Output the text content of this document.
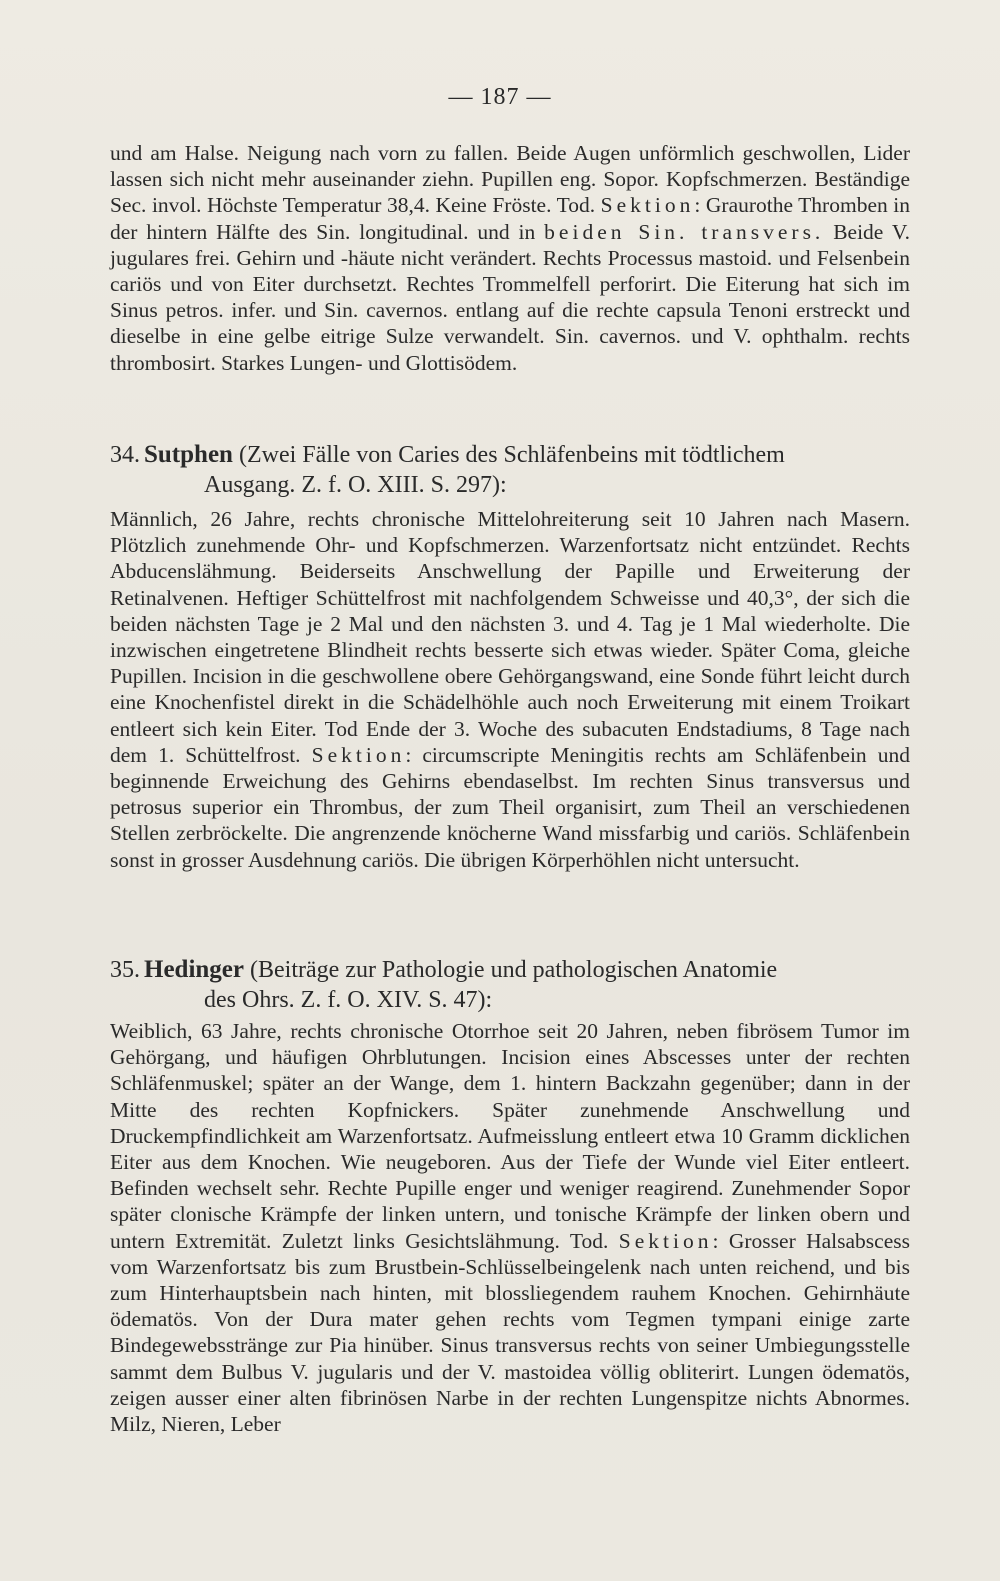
— 187 —

und am Halse. Neigung nach vorn zu fallen. Beide Augen unförmlich geschwollen, Lider lassen sich nicht mehr auseinander ziehn. Pupillen eng. Sopor. Kopfschmerzen. Beständige Sec. invol. Höchste Temperatur 38,4. Keine Fröste. Tod. Sektion: Graurothe Thromben in der hintern Hälfte des Sin. longitudinal. und in beiden Sin. transvers. Beide V. jugulares frei. Gehirn und -häute nicht verändert. Rechts Processus mastoid. und Felsenbein cariös und von Eiter durchsetzt. Rechtes Trommelfell perforirt. Die Eiterung hat sich im Sinus petros. infer. und Sin. cavernos. entlang auf die rechte capsula Tenoni erstreckt und dieselbe in eine gelbe eitrige Sulze verwandelt. Sin. cavernos. und V. ophthalm. rechts thrombosirt. Starkes Lungen- und Glottisödem.

34. Sutphen (Zwei Fälle von Caries des Schläfenbeins mit tödtlichem
Ausgang. Z. f. O. XIII. S. 297):

Männlich, 26 Jahre, rechts chronische Mittelohreiterung seit 10 Jahren nach Masern. Plötzlich zunehmende Ohr- und Kopfschmerzen. Warzenfortsatz nicht entzündet. Rechts Abducenslähmung. Beiderseits Anschwellung der Papille und Erweiterung der Retinalvenen. Heftiger Schüttelfrost mit nachfolgendem Schweisse und 40,3°, der sich die beiden nächsten Tage je 2 Mal und den nächsten 3. und 4. Tag je 1 Mal wiederholte. Die inzwischen eingetretene Blindheit rechts besserte sich etwas wieder. Später Coma, gleiche Pupillen. Incision in die geschwollene obere Gehörgangswand, eine Sonde führt leicht durch eine Knochenfistel direkt in die Schädelhöhle auch noch Erweiterung mit einem Troikart entleert sich kein Eiter. Tod Ende der 3. Woche des subacuten Endstadiums, 8 Tage nach dem 1. Schüttelfrost. Sektion: circumscripte Meningitis rechts am Schläfenbein und beginnende Erweichung des Gehirns ebendaselbst. Im rechten Sinus transversus und petrosus superior ein Thrombus, der zum Theil organisirt, zum Theil an verschiedenen Stellen zerbröckelte. Die angrenzende knöcherne Wand missfarbig und cariös. Schläfenbein sonst in grosser Ausdehnung cariös. Die übrigen Körperhöhlen nicht untersucht.

35. Hedinger (Beiträge zur Pathologie und pathologischen Anatomie
des Ohrs. Z. f. O. XIV. S. 47):

Weiblich, 63 Jahre, rechts chronische Otorrhoe seit 20 Jahren, neben fibrösem Tumor im Gehörgang, und häufigen Ohrblutungen. Incision eines Abscesses unter der rechten Schläfenmuskel; später an der Wange, dem 1. hintern Backzahn gegenüber; dann in der Mitte des rechten Kopfnickers. Später zunehmende Anschwellung und Druckempfindlichkeit am Warzenfortsatz. Aufmeisslung entleert etwa 10 Gramm dicklichen Eiter aus dem Knochen. Wie neugeboren. Aus der Tiefe der Wunde viel Eiter entleert. Befinden wechselt sehr. Rechte Pupille enger und weniger reagirend. Zunehmender Sopor später clonische Krämpfe der linken untern, und tonische Krämpfe der linken obern und untern Extremität. Zuletzt links Gesichtslähmung. Tod. Sektion: Grosser Halsabscess vom Warzenfortsatz bis zum Brustbein-Schlüsselbeingelenk nach unten reichend, und bis zum Hinterhauptsbein nach hinten, mit blossliegendem rauhem Knochen. Gehirnhäute ödematös. Von der Dura mater gehen rechts vom Tegmen tympani einige zarte Bindegewebsstränge zur Pia hinüber. Sinus transversus rechts von seiner Umbiegungsstelle sammt dem Bulbus V. jugularis und der V. mastoidea völlig obliterirt. Lungen ödematös, zeigen ausser einer alten fibrinösen Narbe in der rechten Lungenspitze nichts Abnormes. Milz, Nieren, Leber
